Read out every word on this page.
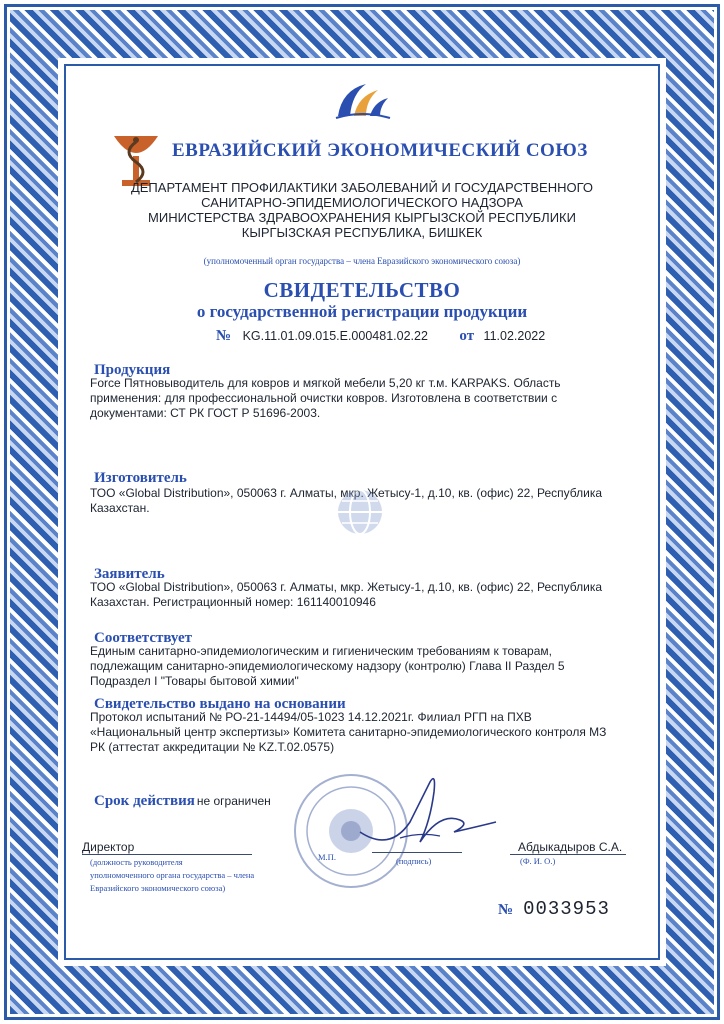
ЕВРАЗИЙСКИЙ ЭКОНОМИЧЕСКИЙ СОЮЗ
ДЕПАРТАМЕНТ ПРОФИЛАКТИКИ ЗАБОЛЕВАНИЙ И ГОСУДАРСТВЕННОГО
САНИТАРНО-ЭПИДЕМИОЛОГИЧЕСКОГО НАДЗОРА
МИНИСТЕРСТВА ЗДРАВООХРАНЕНИЯ КЫРГЫЗСКОЙ РЕСПУБЛИКИ
КЫРГЫЗСКАЯ РЕСПУБЛИКА, БИШКЕК
(уполномоченный орган государства – члена Евразийского экономического союза)
СВИДЕТЕЛЬСТВО
о государственной регистрации продукции
№ KG.11.01.09.015.E.000481.02.22 от 11.02.2022
Продукция
Force Пятновыводитель для ковров и мягкой мебели 5,20 кг т.м. KARPAKS. Область применения: для профессиональной очистки ковров. Изготовлена в соответствии с документами: СТ РК ГОСТ Р 51696-2003.
Изготовитель
ТОО «Global Distribution», 050063 г. Алматы, мкр. Жетысу-1, д.10, кв. (офис) 22, Республика Казахстан.
Заявитель
ТОО «Global Distribution», 050063 г. Алматы, мкр. Жетысу-1, д.10, кв. (офис) 22, Республика Казахстан. Регистрационный номер: 161140010946
Соответствует
Единым санитарно-эпидемиологическим и гигиеническим требованиям к товарам, подлежащим санитарно-эпидемиологическому надзору (контролю) Глава II Раздел 5 Подраздел I "Товары бытовой химии"
Свидетельство выдано на основании
Протокол испытаний № РО-21-14494/05-1023 14.12.2021г. Филиал РГП на ПХВ «Национальный центр экспертизы» Комитета санитарно-эпидемиологического контроля МЗ РК (аттестат аккредитации № KZ.T.02.0575)
Срок действия не ограничен
Директор
(должность руководителя
уполномоченного органа государства – члена
Евразийского экономического союза)
М.П.	(подпись)
Абдыкадыров С.А.
(Ф. И. О.)
№ 0033953
